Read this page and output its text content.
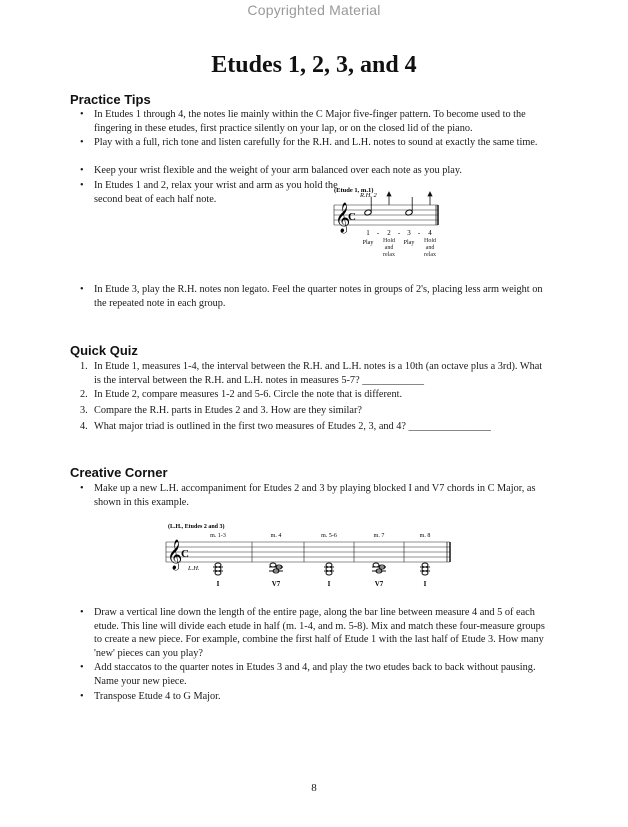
Copyrighted Material
Etudes 1, 2, 3, and 4
Practice Tips
• In Etudes 1 through 4, the notes lie mainly within the C Major five-finger pattern. To become used to the fingering in these etudes, first practice silently on your lap, or on the closed lid of the piano.
• Play with a full, rich tone and listen carefully for the R.H. and L.H. notes to sound at exactly the same time.
• Keep your wrist flexible and the weight of your arm balanced over each note as you play.
• In Etudes 1 and 2, relax your wrist and arm as you hold the second beat of each half note.
(Etude 1, m.1)
𝄞
C
R.H. 2
1 - 2 - 3 - 4
Play	Hold and relax
Play	Hold and relax
• In Etude 3, play the R.H. notes non legato. Feel the quarter notes in groups of 2's, placing less arm weight on the repeated note in each group.
Quick Quiz
1. In Etude 1, measures 1-4, the interval between the R.H. and L.H. notes is a 10th (an octave plus a 3rd). What is the interval between the R.H. and L.H. notes in measures 5-7? ____________
2. In Etude 2, compare measures 1-2 and 5-6. Circle the note that is different.
3. Compare the R.H. parts in Etudes 2 and 3. How are they similar?
4. What major triad is outlined in the first two measures of Etudes 2, 3, and 4? ________________
Creative Corner
• Make up a new L.H. accompaniment for Etudes 2 and 3 by playing blocked I and V7 chords in C Major, as shown in this example.
(L.H., Etudes 2 and 3)
𝄞
C
L.H.
m. 1-3	m. 4	m. 5-6	m. 7	m. 8
I	V7	I	V7	I
• Draw a vertical line down the length of the entire page, along the bar line between measure 4 and 5 of each etude. This line will divide each etude in half (m. 1-4, and m. 5-8). Mix and match these four-measure groups to create a new piece. For example, combine the first half of Etude 1 with the last half of Etude 3. How many 'new' pieces can you play?
• Add staccatos to the quarter notes in Etudes 3 and 4, and play the two etudes back to back without pausing. Name your new piece.
• Transpose Etude 4 to G Major.
8
